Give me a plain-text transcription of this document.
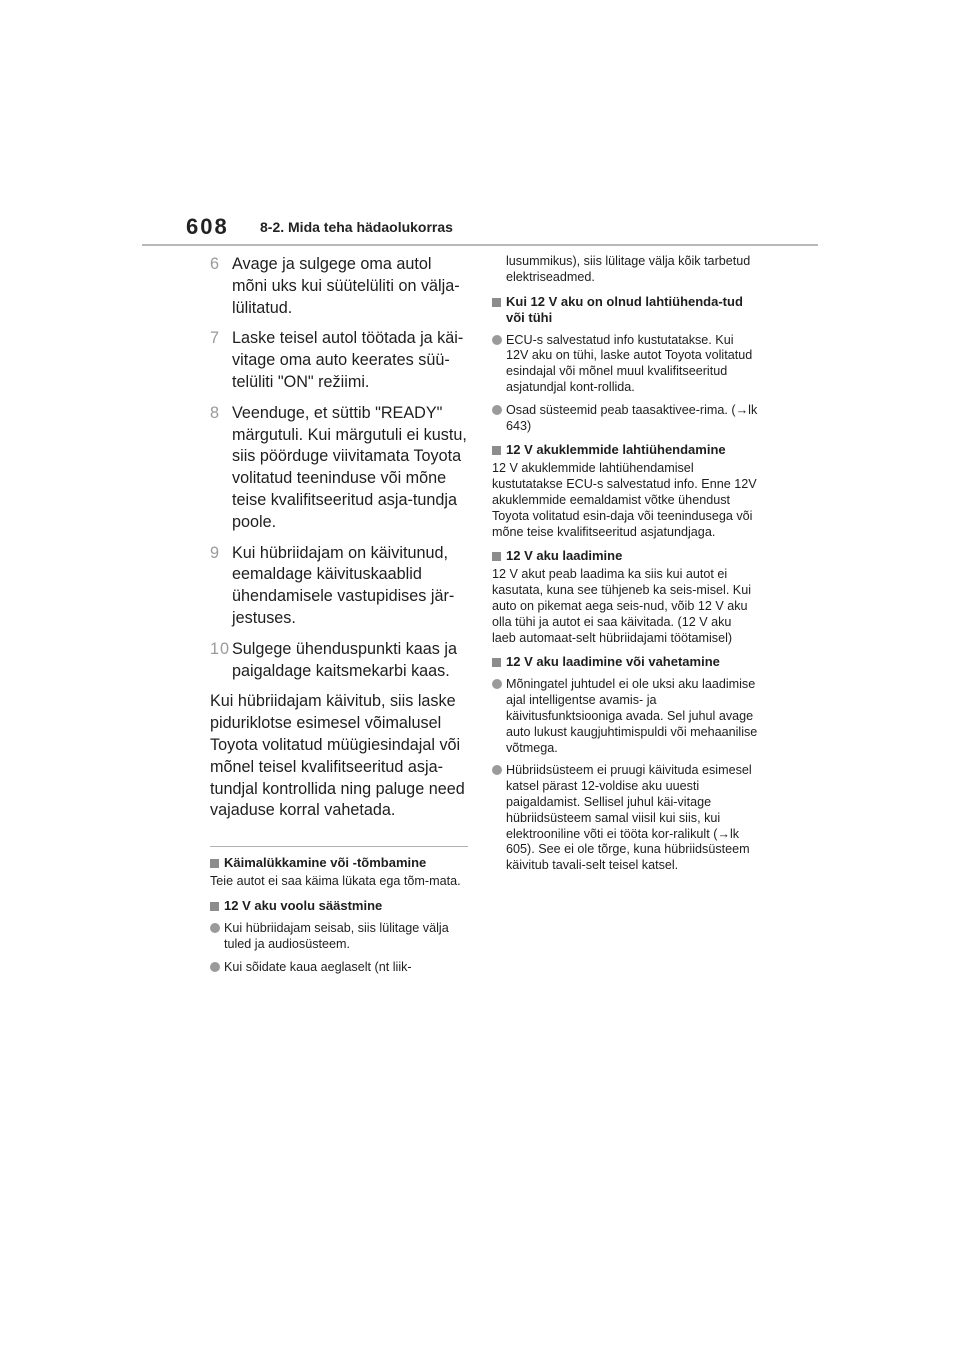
608 8-2. Mida teha hädaolukorras
6 Avage ja sulgege oma autol mõni uks kui süütelüliti on välja-lülitatud.
7 Laske teisel autol töötada ja käi-vitage oma auto keerates süü-telüliti "ON" režiimi.
8 Veenduge, et süttib "READY" märgutuli. Kui märgutuli ei kustu, siis pöörduge viivitamata Toyota volitatud teeninduse või mõne teise kvalifitseeritud asja-tundja poole.
9 Kui hübriidajam on käivitunud, eemaldage käivituskaablid ühendamisele vastupidises jär-jestuses.
10 Sulgege ühenduspunkti kaas ja paigaldage kaitsmekarbi kaas.
Kui hübriidajam käivitub, siis laske piduriklotse esimesel võimalusel Toyota volitatud müügiesindajal või mõnel teisel kvalifitseeritud asja-tundjal kontrollida ning paluge need vajaduse korral vahetada.
Käimalükkamine või -tõmbamine
Teie autot ei saa käima lükata ega tõm-mata.
12 V aku voolu säästmine
Kui hübriidajam seisab, siis lülitage välja tuled ja audiosüsteem.
Kui sõidate kaua aeglaselt (nt liik-
lusummikus), siis lülitage välja kõik tarbetud elektriseadmed.
Kui 12 V aku on olnud lahtiühenda-tud või tühi
ECU-s salvestatud info kustutatakse. Kui 12V aku on tühi, laske autot Toyota volitatud esindajal või mõnel muul kvalifitseeritud asjatundjal kont-rollida.
Osad süsteemid peab taasaktivee-rima. (→lk 643)
12 V akuklemmide lahtiühendamine
12 V akuklemmide lahtiühendamisel kustutatakse ECU-s salvestatud info. Enne 12V akuklemmide eemaldamist võtke ühendust Toyota volitatud esin-daja või teenindusega või mõne teise kvalifitseeritud asjatundjaga.
12 V aku laadimine
12 V akut peab laadima ka siis kui autot ei kasutata, kuna see tühjeneb ka seis-misel. Kui auto on pikemat aega seis-nud, võib 12 V aku olla tühi ja autot ei saa käivitada. (12 V aku laeb automaat-selt hübriidajami töötamisel)
12 V aku laadimine või vahetamine
Mõningatel juhtudel ei ole uksi aku laadimise ajal intelligentse avamis- ja käivitusfunktsiooniga avada. Sel juhul avage auto lukust kaugjuhtimispuldi või mehaanilise võtmega.
Hübriidsüsteem ei pruugi käivituda esimesel katsel pärast 12-voldise aku uuesti paigaldamist. Sellisel juhul käi-vitage hübriidsüsteem samal viisil kui siis, kui elektrooniline võti ei tööta kor-ralikult (→lk 605). See ei ole tõrge, kuna hübriidsüsteem käivitub tavali-selt teisel katsel.
